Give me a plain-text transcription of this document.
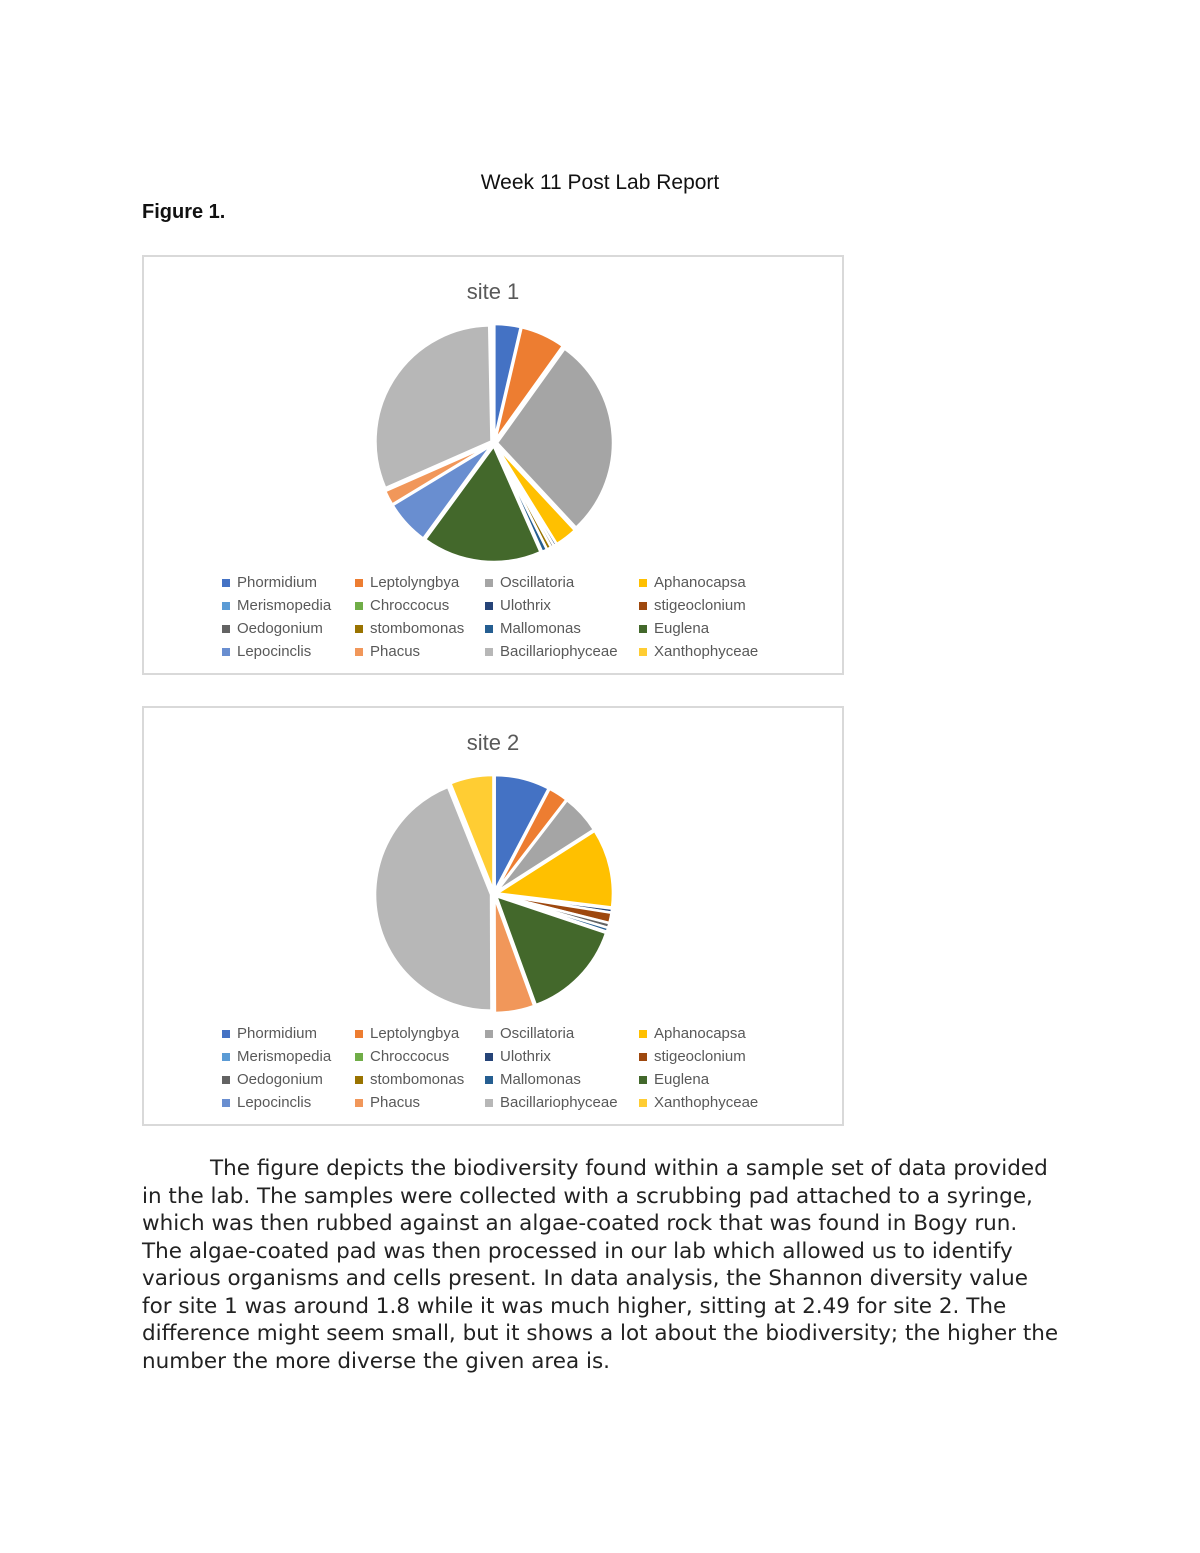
Week 11 Post Lab Report
Figure 1.
site 1
Phormidium	Leptolyngbya	Oscillatoria	Aphanocapsa
Merismopedia	Chroccocus	Ulothrix	stigeoclonium
Oedogonium	stombomonas Mallomonas	Euglena
Lepocinclis	Phacus	Bacillariophyceae Xanthophyceae
site 2
Phormidium	Leptolyngbya	Oscillatoria	Aphanocapsa
Merismopedia	Chroccocus	Ulothrix	stigeoclonium
Oedogonium	stombomonas Mallomonas	Euglena
Lepocinclis	Phacus	Bacillariophyceae Xanthophyceae

The figure depicts the biodiversity found within a sample set of data provided in the lab. The samples were collected with a scrubbing pad attached to a syringe, which was then rubbed against an algae-coated rock that was found in Bogy run. The algae-coated pad was then processed in our lab which allowed us to identify various organisms and cells present. In data analysis, the Shannon diversity value for site 1 was around 1.8 while it was much higher, sitting at 2.49 for site 2. The difference might seem small, but it shows a lot about the biodiversity; the higher the number the more diverse the given area is.
